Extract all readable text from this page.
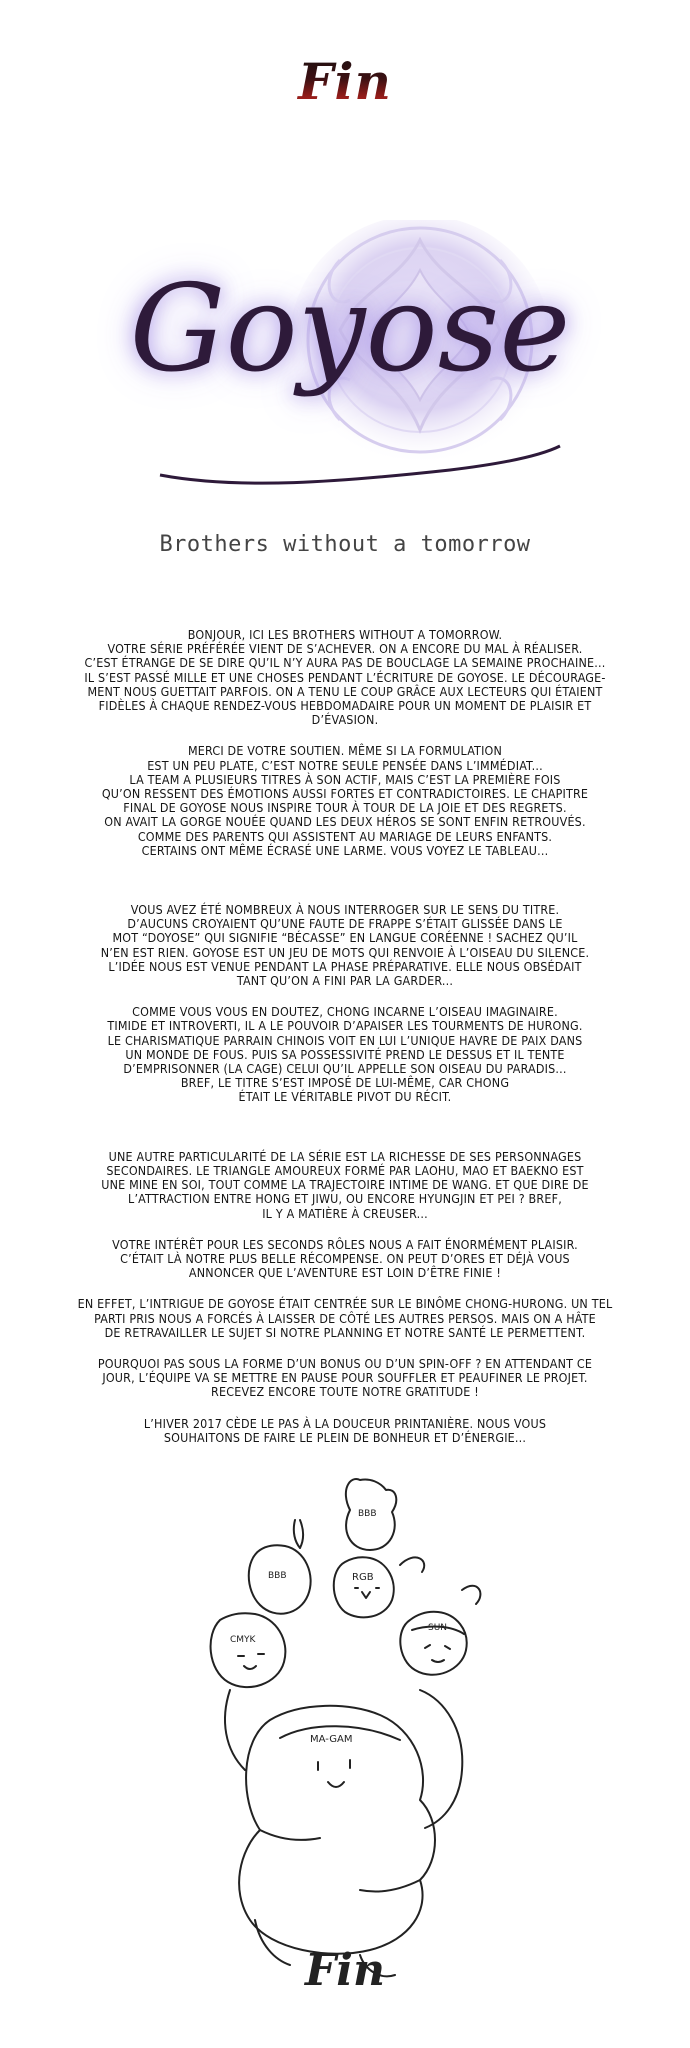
Fin
Goyose
Brothers without a tomorrow
BONJOUR, ICI LES BROTHERS WITHOUT A TOMORROW.
VOTRE SÉRIE PRÉFÉRÉE VIENT DE S’ACHEVER. ON A ENCORE DU MAL À RÉALISER.
C’EST ÉTRANGE DE SE DIRE QU’IL N’Y AURA PAS DE BOUCLAGE LA SEMAINE PROCHAINE...
IL S’EST PASSÉ MILLE ET UNE CHOSES PENDANT L’ÉCRITURE DE GOYOSE. LE DÉCOURAGE-
MENT NOUS GUETTAIT PARFOIS. ON A TENU LE COUP GRÂCE AUX LECTEURS QUI ÉTAIENT
FIDÈLES À CHAQUE RENDEZ-VOUS HEBDOMADAIRE POUR UN MOMENT DE PLAISIR ET
D’ÉVASION.
MERCI DE VOTRE SOUTIEN. MÊME SI LA FORMULATION
EST UN PEU PLATE, C’EST NOTRE SEULE PENSÉE DANS L’IMMÉDIAT...
LA TEAM A PLUSIEURS TITRES À SON ACTIF, MAIS C’EST LA PREMIÈRE FOIS
QU’ON RESSENT DES ÉMOTIONS AUSSI FORTES ET CONTRADICTOIRES. LE CHAPITRE
FINAL DE GOYOSE NOUS INSPIRE TOUR À TOUR DE LA JOIE ET DES REGRETS.
ON AVAIT LA GORGE NOUÉE QUAND LES DEUX HÉROS SE SONT ENFIN RETROUVÉS.
COMME DES PARENTS QUI ASSISTENT AU MARIAGE DE LEURS ENFANTS.
CERTAINS ONT MÊME ÉCRASÉ UNE LARME. VOUS VOYEZ LE TABLEAU...
VOUS AVEZ ÉTÉ NOMBREUX À NOUS INTERROGER SUR LE SENS DU TITRE.
D’AUCUNS CROYAIENT QU’UNE FAUTE DE FRAPPE S’ÉTAIT GLISSÉE DANS LE
MOT “DOYOSE” QUI SIGNIFIE “BÉCASSE” EN LANGUE CORÉENNE ! SACHEZ QU’IL
N’EN EST RIEN. GOYOSE EST UN JEU DE MOTS QUI RENVOIE À L’OISEAU DU SILENCE.
L’IDÉE NOUS EST VENUE PENDANT LA PHASE PRÉPARATIVE. ELLE NOUS OBSÉDAIT
TANT QU’ON A FINI PAR LA GARDER...
COMME VOUS VOUS EN DOUTEZ, CHONG INCARNE L’OISEAU IMAGINAIRE.
TIMIDE ET INTROVERTI, IL A LE POUVOIR D’APAISER LES TOURMENTS DE HURONG.
LE CHARISMATIQUE PARRAIN CHINOIS VOIT EN LUI L’UNIQUE HAVRE DE PAIX DANS
UN MONDE DE FOUS. PUIS SA POSSESSIVITÉ PREND LE DESSUS ET IL TENTE
D’EMPRISONNER (LA CAGE) CELUI QU’IL APPELLE SON OISEAU DU PARADIS...
BREF, LE TITRE S’EST IMPOSÉ DE LUI-MÊME, CAR CHONG
ÉTAIT LE VÉRITABLE PIVOT DU RÉCIT.
UNE AUTRE PARTICULARITÉ DE LA SÉRIE EST LA RICHESSE DE SES PERSONNAGES
SECONDAIRES. LE TRIANGLE AMOUREUX FORMÉ PAR LAOHU, MAO ET BAEKNO EST
UNE MINE EN SOI, TOUT COMME LA TRAJECTOIRE INTIME DE WANG. ET QUE DIRE DE
L’ATTRACTION ENTRE HONG ET JIWU, OU ENCORE HYUNGJIN ET PEI ? BREF,
IL Y A MATIÈRE À CREUSER...
VOTRE INTÉRÊT POUR LES SECONDS RÔLES NOUS A FAIT ÉNORMÉMENT PLAISIR.
C’ÉTAIT LÀ NOTRE PLUS BELLE RÉCOMPENSE. ON PEUT D’ORES ET DÉJÀ VOUS
ANNONCER QUE L’AVENTURE EST LOIN D’ÊTRE FINIE !
EN EFFET, L’INTRIGUE DE GOYOSE ÉTAIT CENTRÉE SUR LE BINÔME CHONG-HURONG. UN TEL
PARTI PRIS NOUS A FORCÉS À LAISSER DE CÔTÉ LES AUTRES PERSOS. MAIS ON A HÂTE
DE RETRAVAILLER LE SUJET SI NOTRE PLANNING ET NOTRE SANTÉ LE PERMETTENT.
POURQUOI PAS SOUS LA FORME D’UN BONUS OU D’UN SPIN-OFF ? EN ATTENDANT CE
JOUR, L’ÉQUIPE VA SE METTRE EN PAUSE POUR SOUFFLER ET PEAUFINER LE PROJET.
RECEVEZ ENCORE TOUTE NOTRE GRATITUDE !
L’HIVER 2017 CÈDE LE PAS À LA DOUCEUR PRINTANIÈRE. NOUS VOUS
SOUHAITONS DE FAIRE LE PLEIN DE BONHEUR ET D’ÉNERGIE...
BBB
BBB	RGB
CMYK
SUN
MA-GAM
Fin
